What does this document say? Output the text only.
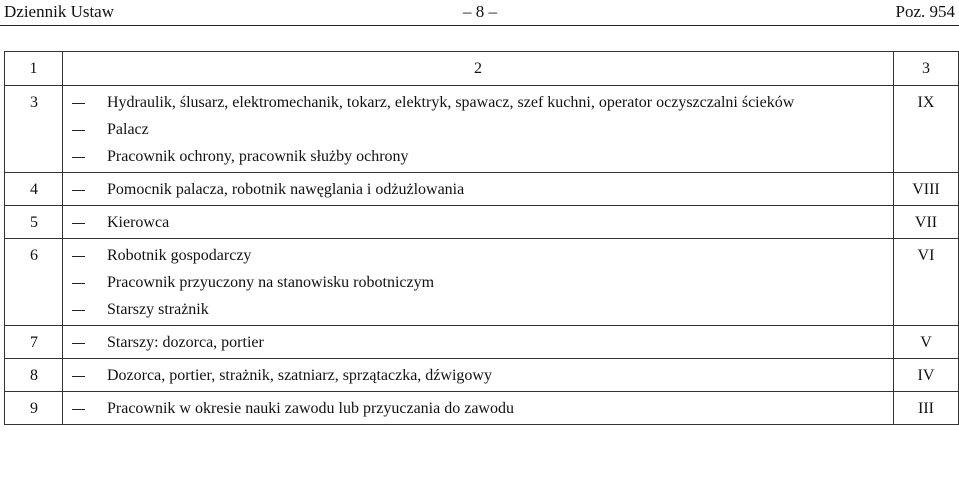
Dziennik Ustaw	– 8 –	Poz. 954
1	2	3
3	Hydraulik, ślusarz, elektromechanik, tokarz, elektryk, spawacz, szef kuchni, operator oczyszczalni ścieków
Palacz
Pracownik ochrony, pracownik służby ochrony	IX
4	Pomocnik palacza, robotnik nawęglania i odżużlowania	VIII
5	Kierowca	VII
6	Robotnik gospodarczy
Pracownik przyuczony na stanowisku robotniczym
Starszy strażnik	VI
7	Starszy: dozorca, portier	V
8	Dozorca, portier, strażnik, szatniarz, sprzątaczka, dźwigowy	IV
9	Pracownik w okresie nauki zawodu lub przyuczania do zawodu	III
